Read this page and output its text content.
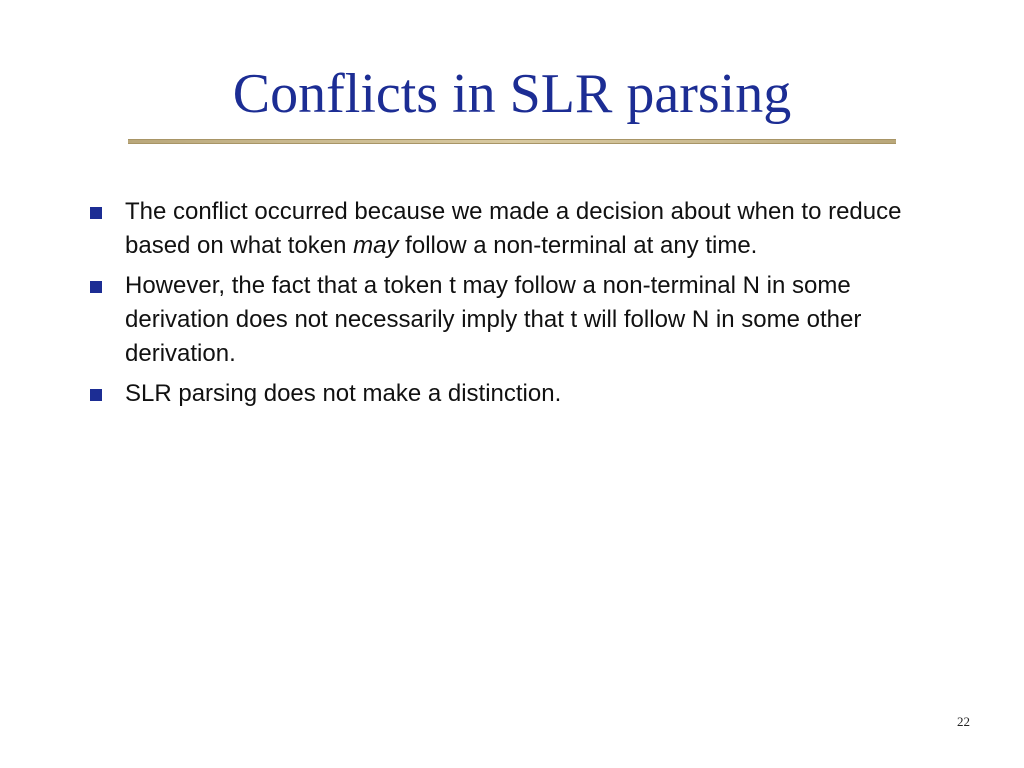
Conflicts in SLR parsing
The conflict occurred because we made a decision about when to reduce based on what token may follow a non-terminal at any time.
However, the fact that a token t may follow a non-terminal N in some derivation does not necessarily imply that t will follow N in some other derivation.
SLR parsing does not make a distinction.
22
